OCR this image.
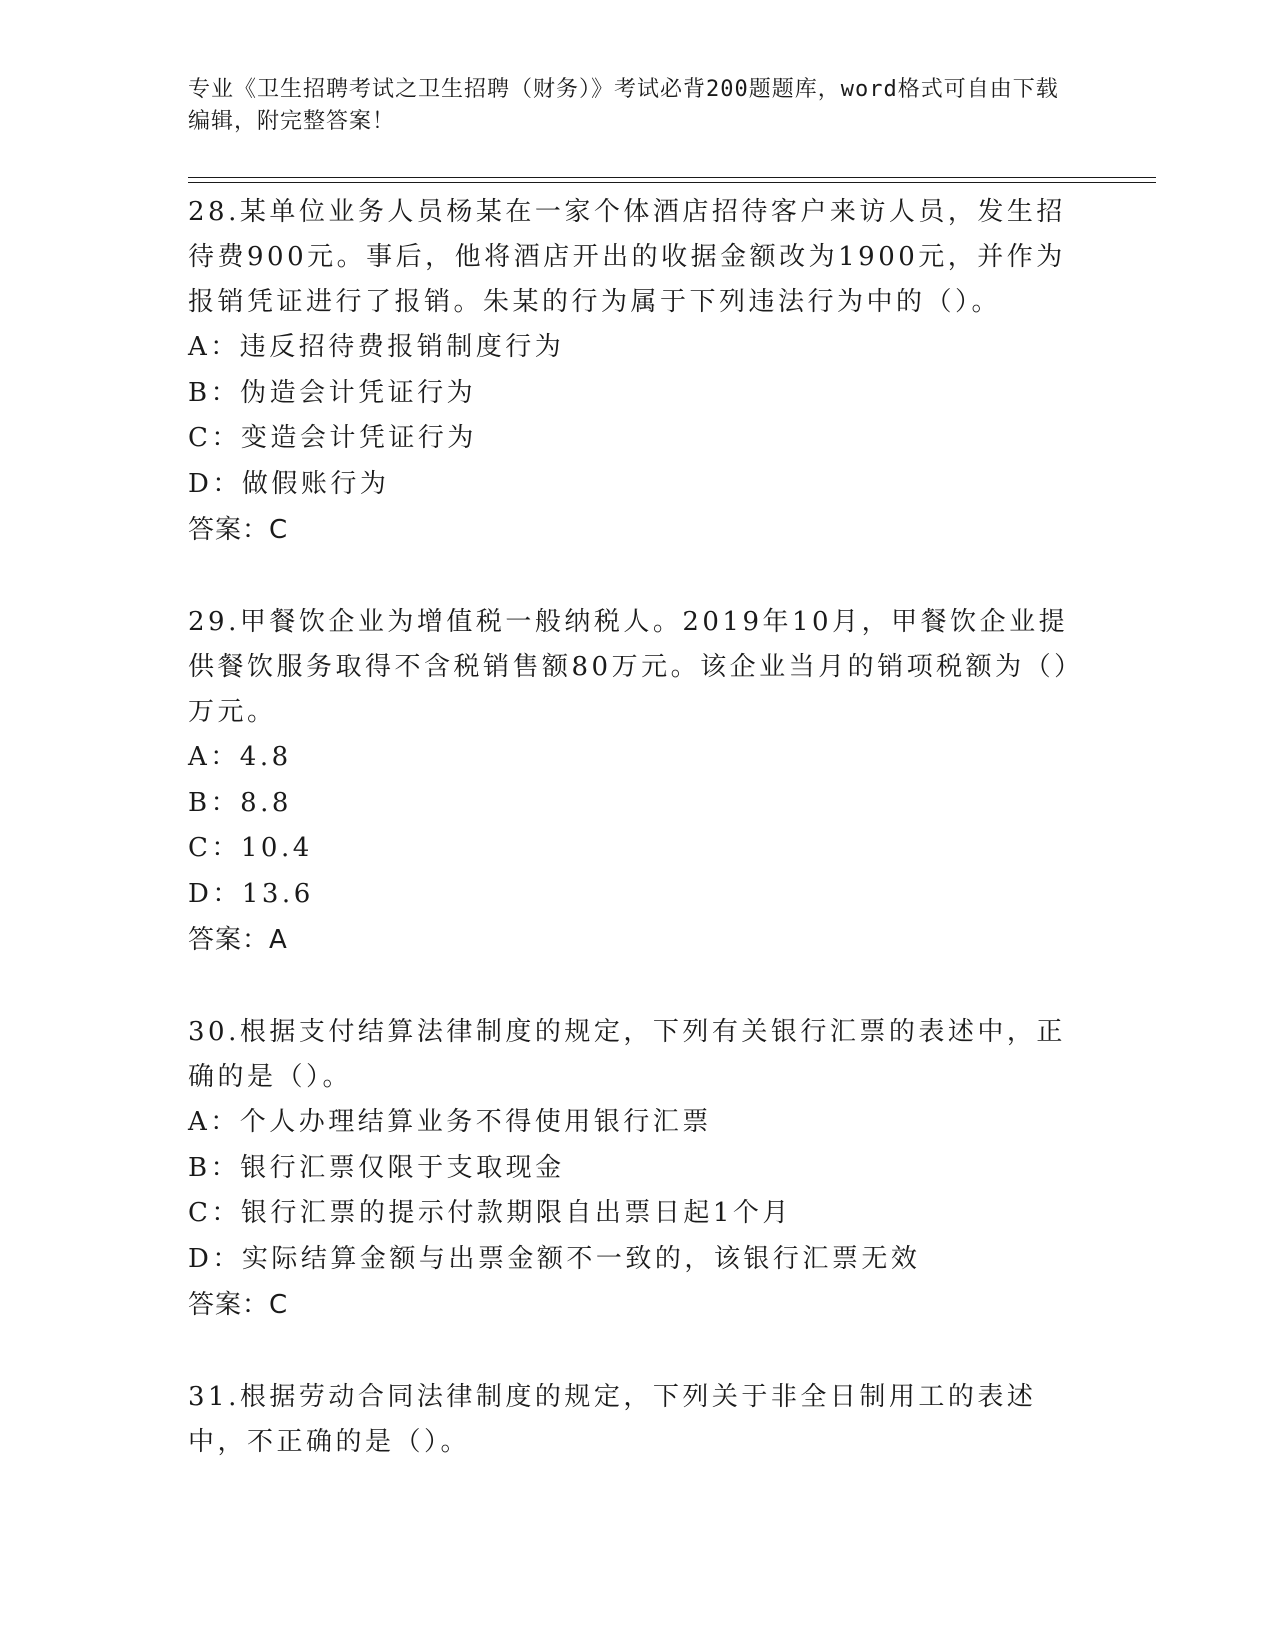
专业《卫生招聘考试之卫生招聘（财务）》考试必背200题题库，word格式可自由下载编辑，附完整答案！

28.某单位业务人员杨某在一家个体酒店招待客户来访人员，发生招待费900元。事后，他将酒店开出的收据金额改为1900元，并作为报销凭证进行了报销。朱某的行为属于下列违法行为中的（）。

A：违反招待费报销制度行为
B：伪造会计凭证行为
C：变造会计凭证行为
D：做假账行为

答案：C

29.甲餐饮企业为增值税一般纳税人。2019年10月，甲餐饮企业提供餐饮服务取得不含税销售额80万元。该企业当月的销项税额为（）万元。

A：4.8
B：8.8
C：10.4
D：13.6

答案：A

30.根据支付结算法律制度的规定，下列有关银行汇票的表述中，正确的是（）。

A：个人办理结算业务不得使用银行汇票
B：银行汇票仅限于支取现金
C：银行汇票的提示付款期限自出票日起1个月
D：实际结算金额与出票金额不一致的，该银行汇票无效

答案：C

31.根据劳动合同法律制度的规定，下列关于非全日制用工的表述中，不正确的是（）。
